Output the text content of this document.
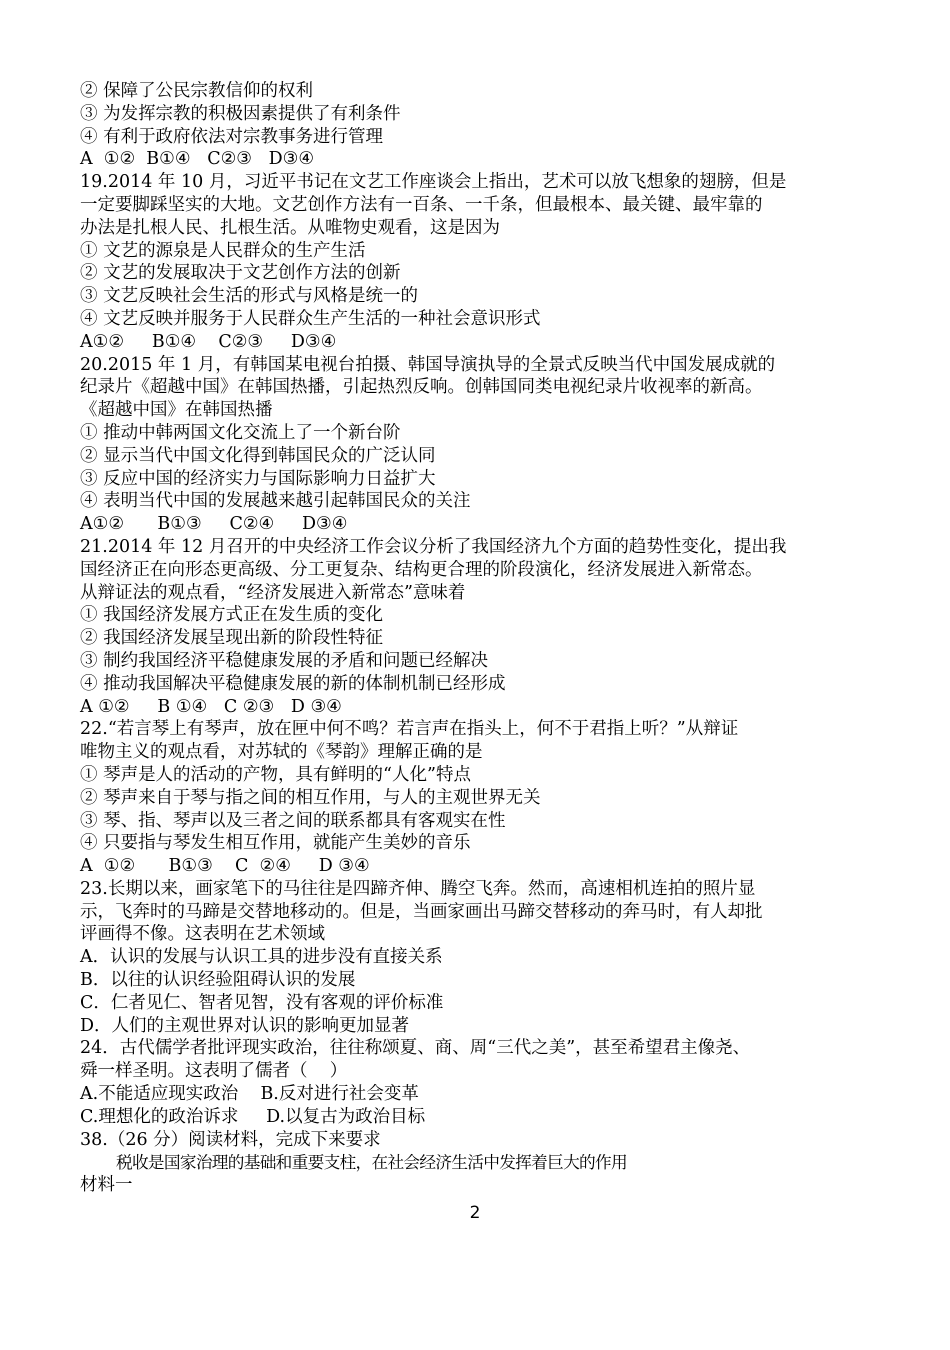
② 保障了公民宗教信仰的权利
③ 为发挥宗教的积极因素提供了有利条件
④ 有利于政府依法对宗教事务进行管理
A  ①②  B①④   C②③   D③④
19.2014 年 10 月，习近平书记在文艺工作座谈会上指出，艺术可以放飞想象的翅膀，但是
一定要脚踩坚实的大地。文艺创作方法有一百条、一千条，但最根本、最关键、最牢靠的
办法是扎根人民、扎根生活。从唯物史观看，这是因为
① 文艺的源泉是人民群众的生产生活
② 文艺的发展取决于文艺创作方法的创新
③ 文艺反映社会生活的形式与风格是统一的
④ 文艺反映并服务于人民群众生产生活的一种社会意识形式
A①②     B①④    C②③     D③④
20.2015 年 1 月，有韩国某电视台拍摄、韩国导演执导的全景式反映当代中国发展成就的
纪录片《超越中国》在韩国热播，引起热烈反响。创韩国同类电视纪录片收视率的新高。
《超越中国》在韩国热播
① 推动中韩两国文化交流上了一个新台阶
② 显示当代中国文化得到韩国民众的广泛认同
③ 反应中国的经济实力与国际影响力日益扩大
④ 表明当代中国的发展越来越引起韩国民众的关注
A①②      B①③     C②④     D③④
21.2014 年 12 月召开的中央经济工作会议分析了我国经济九个方面的趋势性变化，提出我
国经济正在向形态更高级、分工更复杂、结构更合理的阶段演化，经济发展进入新常态。
从辩证法的观点看，“经济发展进入新常态”意味着
① 我国经济发展方式正在发生质的变化
② 我国经济发展呈现出新的阶段性特征
③ 制约我国经济平稳健康发展的矛盾和问题已经解决
④ 推动我国解决平稳健康发展的新的体制机制已经形成
A ①②     B ①④   C ②③   D ③④
22.“若言琴上有琴声，放在匣中何不鸣？若言声在指头上，何不于君指上听？”从辩证
唯物主义的观点看，对苏轼的《琴韵》理解正确的是
① 琴声是人的活动的产物，具有鲜明的“人化”特点
② 琴声来自于琴与指之间的相互作用，与人的主观世界无关
③ 琴、指、琴声以及三者之间的联系都具有客观实在性
④ 只要指与琴发生相互作用，就能产生美妙的音乐
A  ①②      B①③    C  ②④     D ③④
23.长期以来，画家笔下的马往往是四蹄齐伸、腾空飞奔。然而，高速相机连拍的照片显
示，飞奔时的马蹄是交替地移动的。但是，当画家画出马蹄交替移动的奔马时，有人却批
评画得不像。这表明在艺术领域
A．认识的发展与认识工具的进步没有直接关系
B．以往的认识经验阻碍认识的发展
C．仁者见仁、智者见智，没有客观的评价标准
D．人们的主观世界对认识的影响更加显著
24．古代儒学者批评现实政治，往往称颂夏、商、周“三代之美”，甚至希望君主像尧、
舜一样圣明。这表明了儒者（    ）
A.不能适应现实政治    B.反对进行社会变革
C.理想化的政治诉求     D.以复古为政治目标
38.（26 分）阅读材料，完成下来要求
税收是国家治理的基础和重要支柱，在社会经济生活中发挥着巨大的作用
材料一
2
